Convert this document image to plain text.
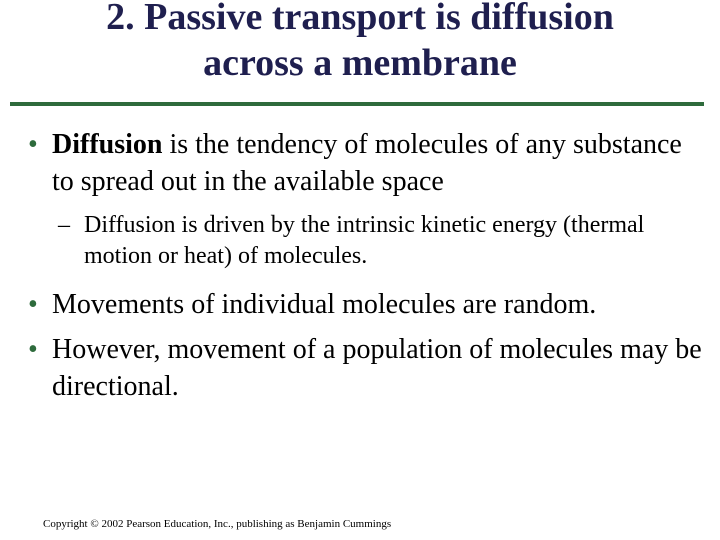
2. Passive transport is diffusion
across a membrane

• Diffusion is the tendency of molecules of any substance to spread out in the available space

– Diffusion is driven by the intrinsic kinetic energy (thermal motion or heat) of molecules.

• Movements of individual molecules are random.

• However, movement of a population of molecules may be directional.

Copyright © 2002 Pearson Education, Inc., publishing as Benjamin Cummings
